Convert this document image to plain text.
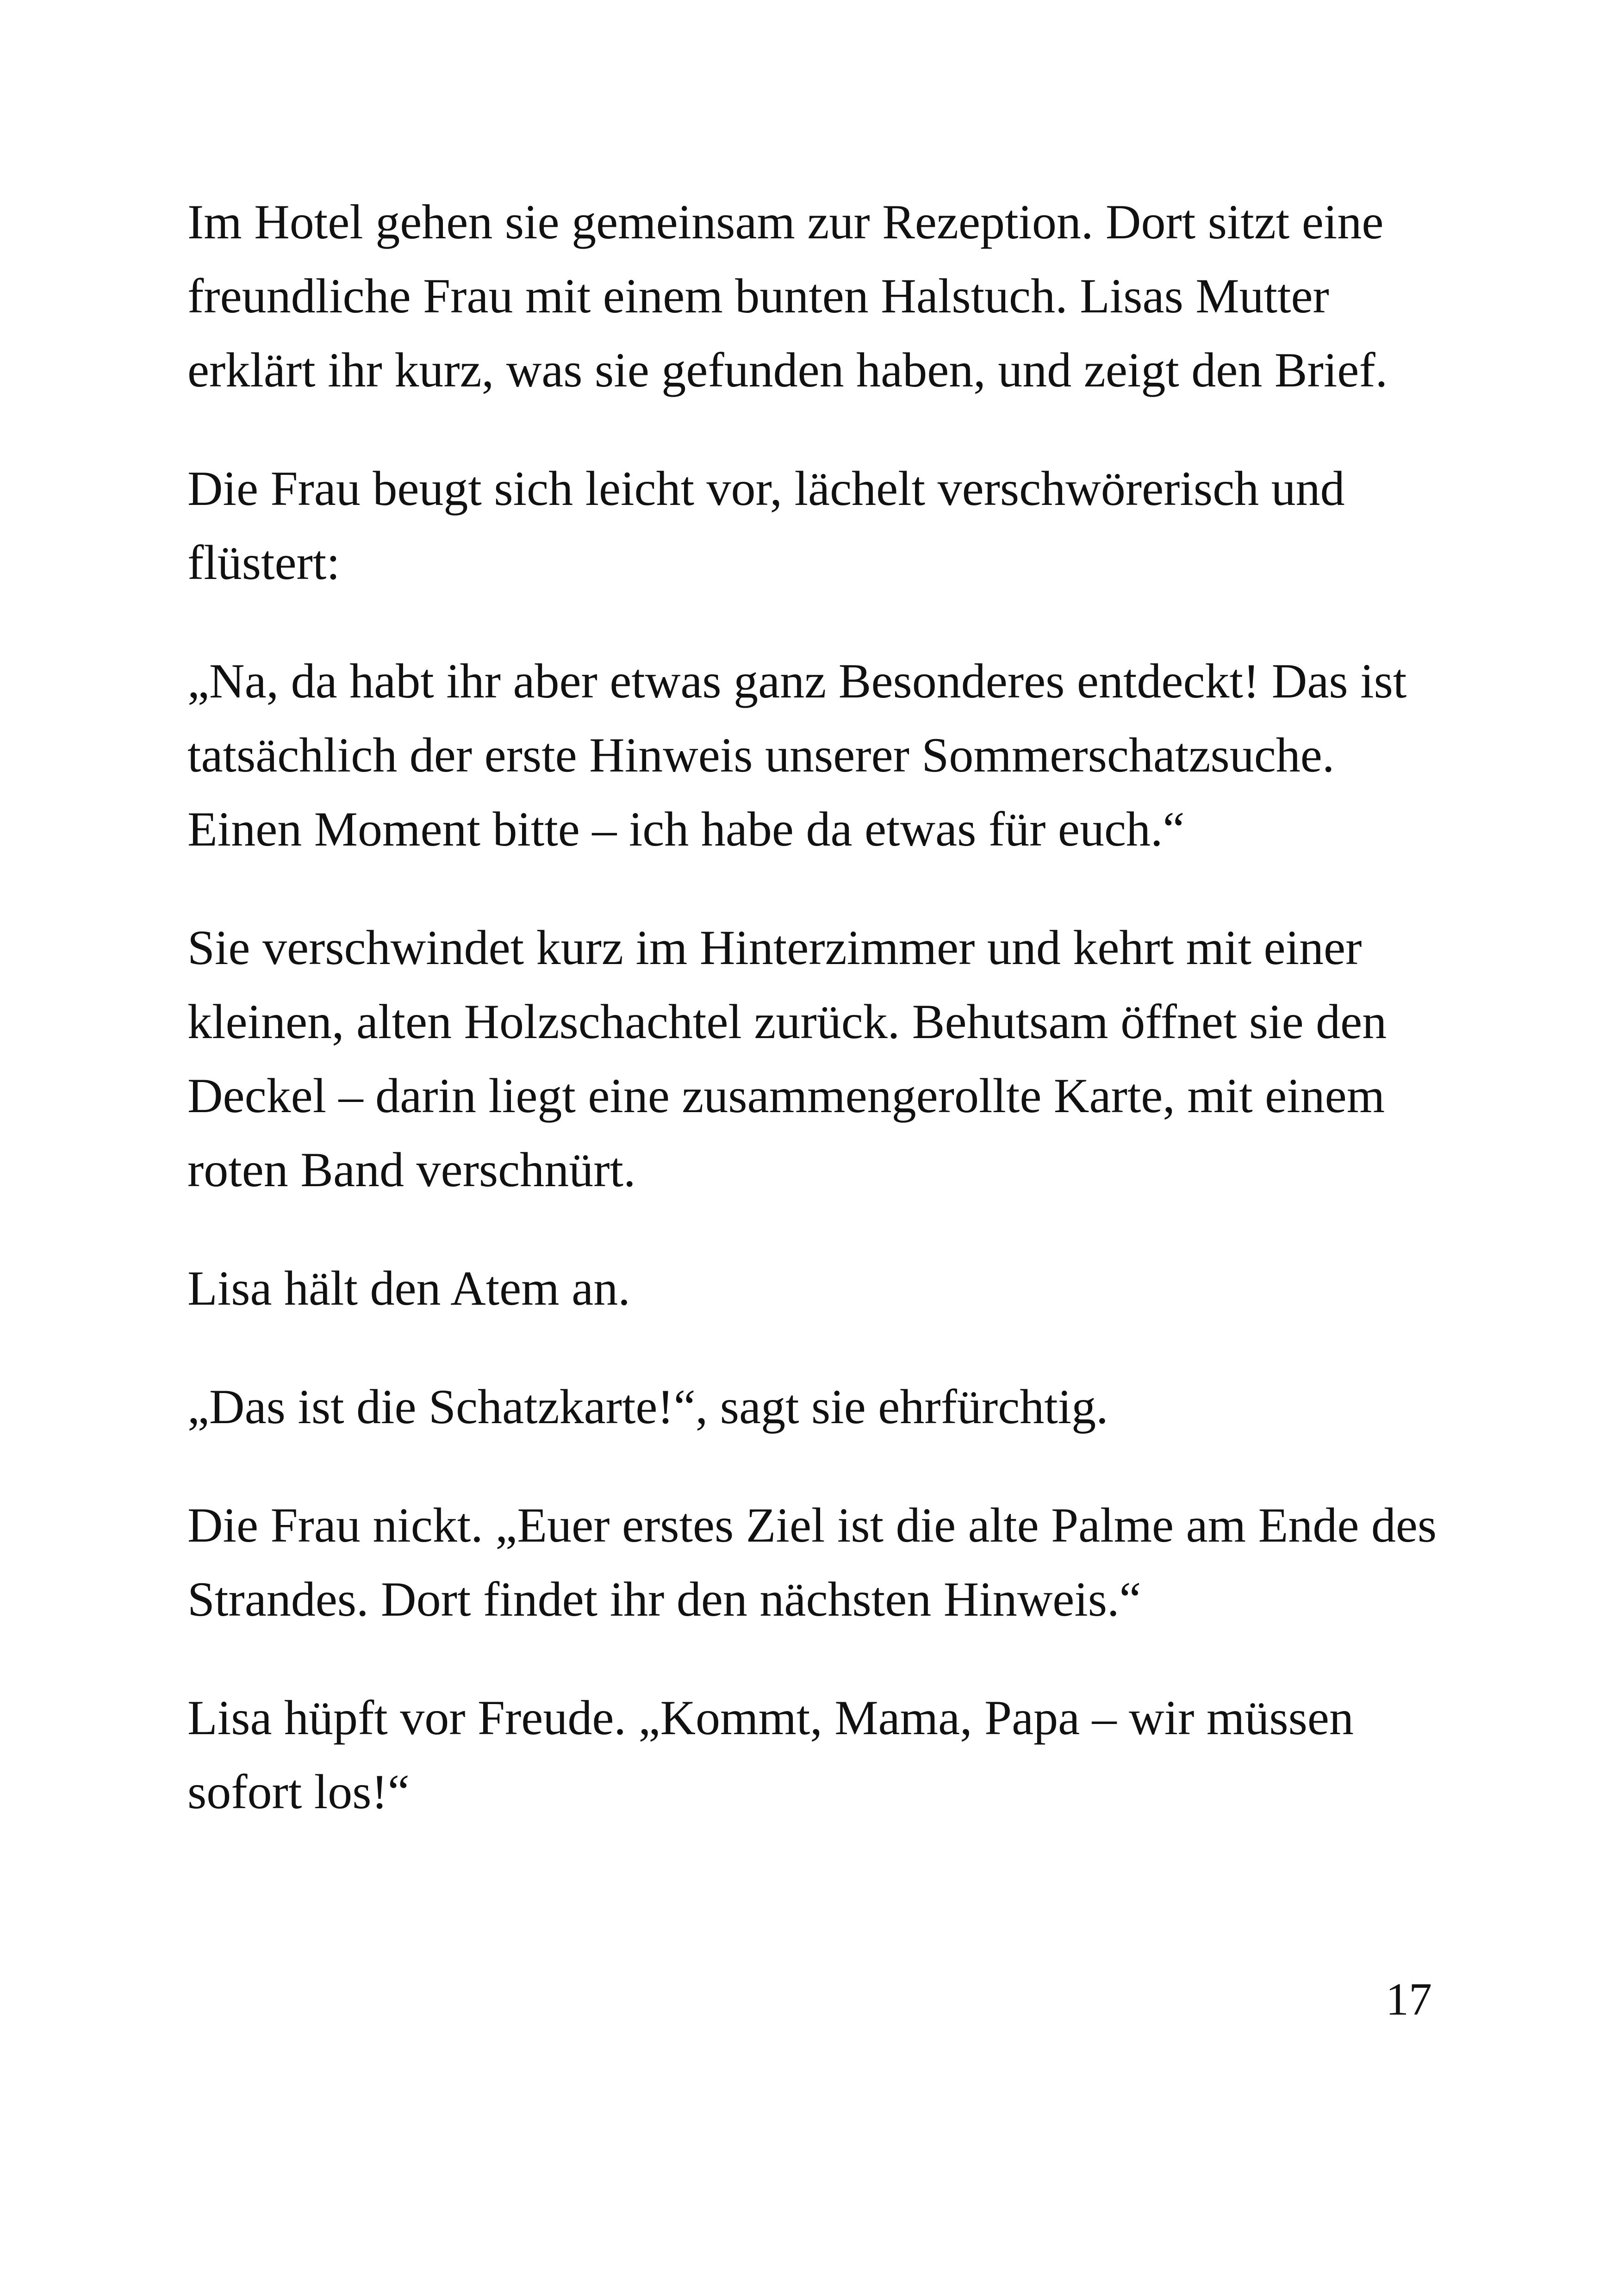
Im Hotel gehen sie gemeinsam zur Rezeption. Dort sitzt eine freundliche Frau mit einem bunten Halstuch. Lisas Mutter erklärt ihr kurz, was sie gefunden haben, und zeigt den Brief.

Die Frau beugt sich leicht vor, lächelt verschwörerisch und flüstert:

„Na, da habt ihr aber etwas ganz Besonderes entdeckt! Das ist tatsächlich der erste Hinweis unserer Sommerschatzsuche. Einen Moment bitte – ich habe da etwas für euch.“

Sie verschwindet kurz im Hinterzimmer und kehrt mit einer kleinen, alten Holzschachtel zurück. Behutsam öffnet sie den Deckel – darin liegt eine zusammengerollte Karte, mit einem roten Band verschnürt.

Lisa hält den Atem an.

„Das ist die Schatzkarte!“, sagt sie ehrfürchtig.

Die Frau nickt. „Euer erstes Ziel ist die alte Palme am Ende des Strandes. Dort findet ihr den nächsten Hinweis.“

Lisa hüpft vor Freude. „Kommt, Mama, Papa – wir müssen sofort los!“

17
